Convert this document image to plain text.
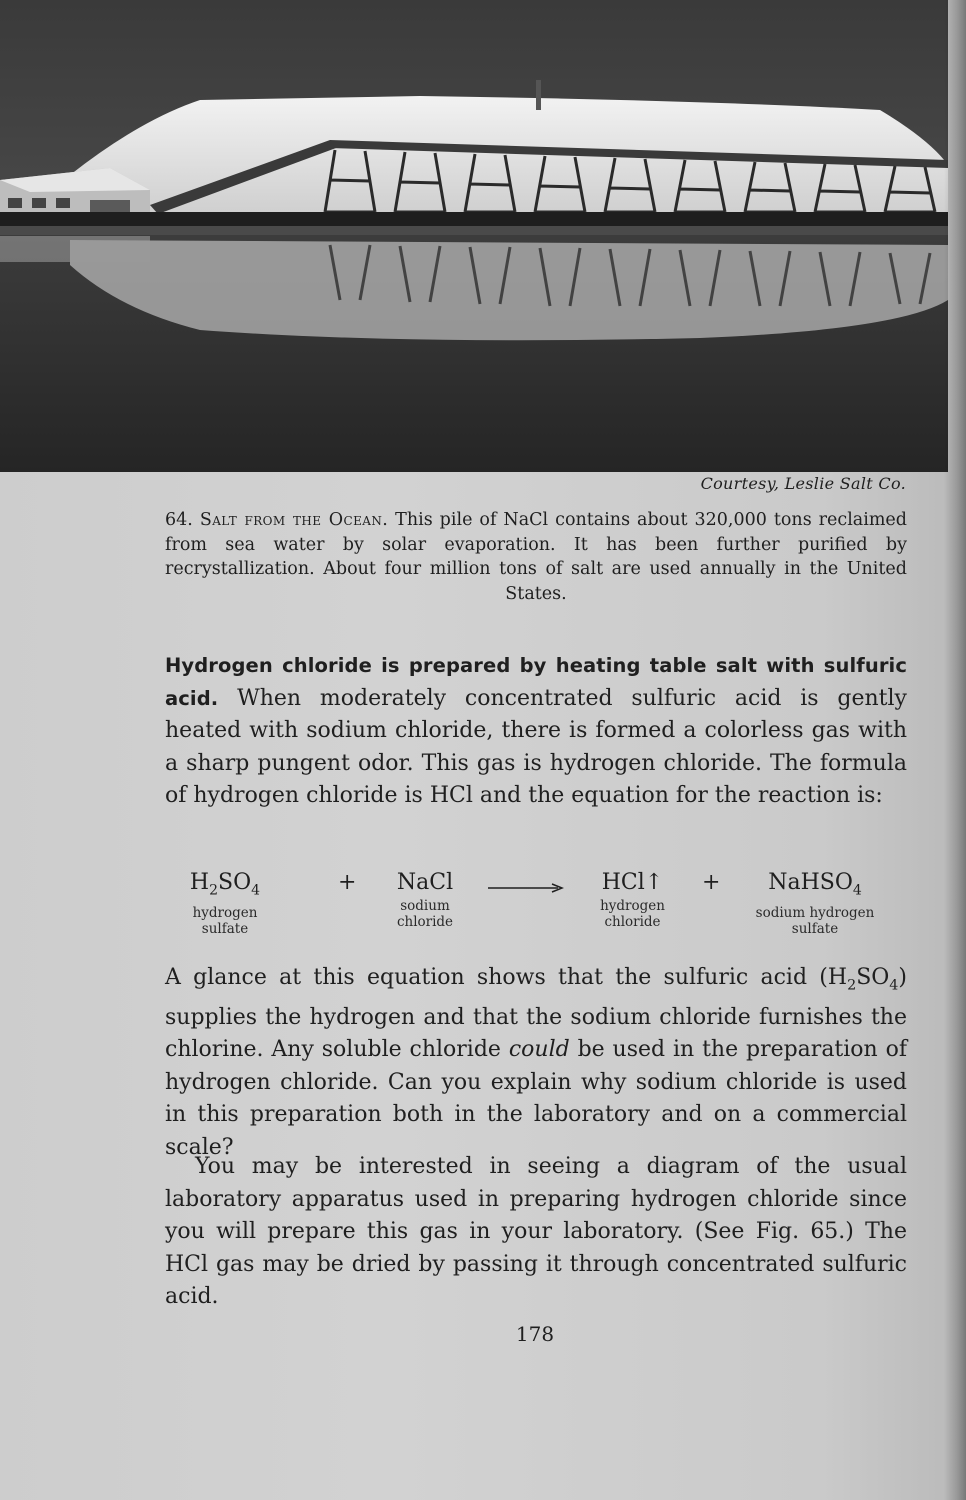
Courtesy, Leslie Salt Co.
64. Salt from the Ocean. This pile of NaCl contains about 320,000 tons reclaimed from sea water by solar evaporation. It has been further purified by recrystallization. About four million tons of salt are used annually in the United States.
Hydrogen chloride is prepared by heating table salt with sulfuric acid. When moderately concentrated sulfuric acid is gently heated with sodium chloride, there is formed a colorless gas with a sharp pungent odor. This gas is hydrogen chloride. The formula of hydrogen chloride is HCl and the equation for the reaction is:
$H_2SO_4$
hydrogen
sulfate
+	NaCl
sodium
chloride
HCl↑
hydrogen
chloride
+	NaHSO$_4$
sodium hydrogen
sulfate
A glance at this equation shows that the sulfuric acid $(H_2SO_4)$ supplies the hydrogen and that the sodium chloride furnishes the chlorine. Any soluble chloride could be used in the preparation of hydrogen chloride. Can you explain why sodium chloride is used in this preparation both in the laboratory and on a commercial scale?
You may be interested in seeing a diagram of the usual laboratory apparatus used in preparing hydrogen chloride since you will prepare this gas in your laboratory. (See Fig. 65.) The HCl gas may be dried by passing it through concentrated sulfuric acid.
178
